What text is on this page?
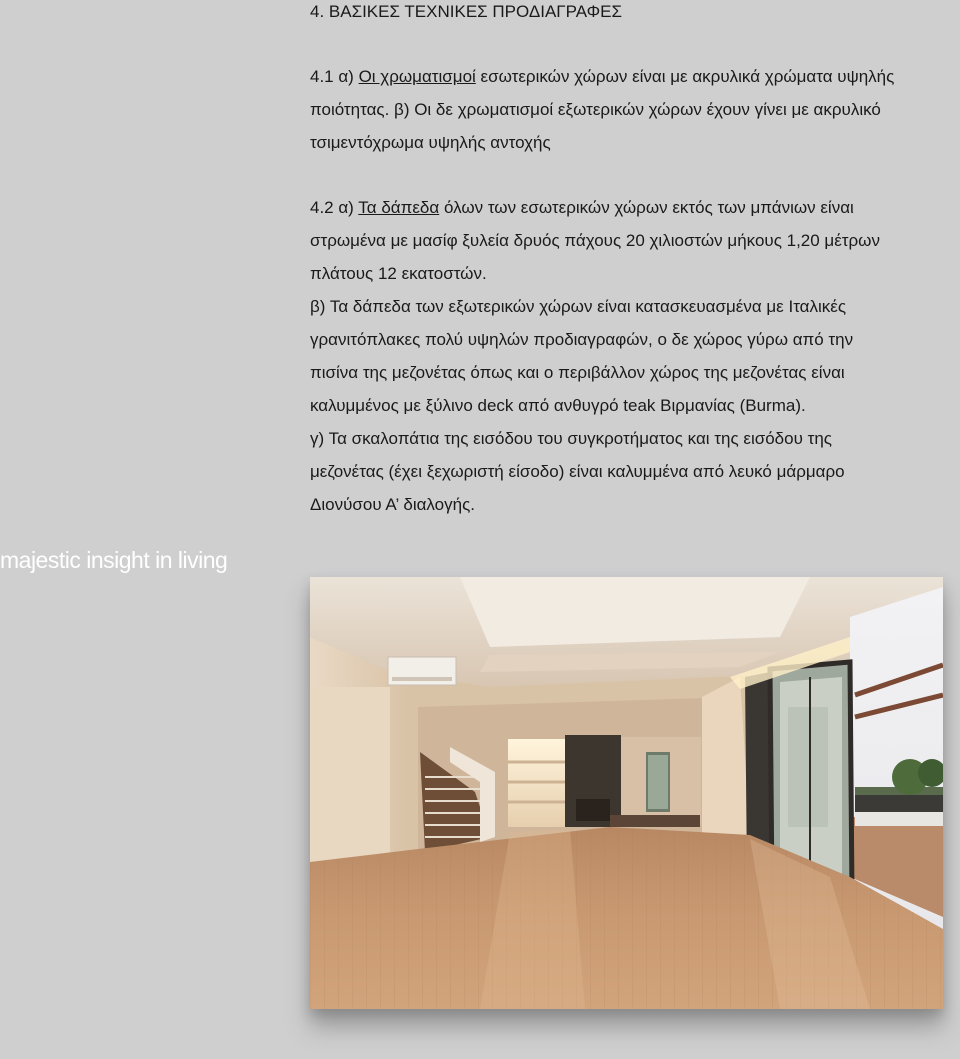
4. ΒΑΣΙΚΕΣ ΤΕΧΝΙΚΕΣ ΠΡΟΔΙΑΓΡΑΦΕΣ
4.1 α) Οι χρωματισμοί εσωτερικών χώρων είναι με ακρυλικά χρώματα υψηλής
ποιότητας. β) Οι δε χρωματισμοί εξωτερικών χώρων έχουν γίνει με ακρυλικό
τσιμεντόχρωμα υψηλής αντοχής
4.2 α) Τα δάπεδα όλων των εσωτερικών χώρων εκτός των μπάνιων είναι
στρωμένα με μασίφ ξυλεία δρυός πάχους 20 χιλιοστών μήκους 1,20 μέτρων
πλάτους 12 εκατοστών.
β) Τα δάπεδα των εξωτερικών χώρων είναι κατασκευασμένα με Ιταλικές
γρανιτόπλακες πολύ υψηλών προδιαγραφών, ο δε χώρος γύρω από την
πισίνα της μεζονέτας όπως και ο περιβάλλον χώρος της μεζονέτας είναι
καλυμμένος με ξύλινο deck από ανθυγρό teak Βιρμανίας (Burma).
γ) Τα σκαλοπάτια της εισόδου του συγκροτήματος και της εισόδου της
μεζονέτας (έχει ξεχωριστή είσοδο) είναι καλυμμένα από λευκό μάρμαρο
Διονύσου Α’ διαλογής.
majestic insight in living
